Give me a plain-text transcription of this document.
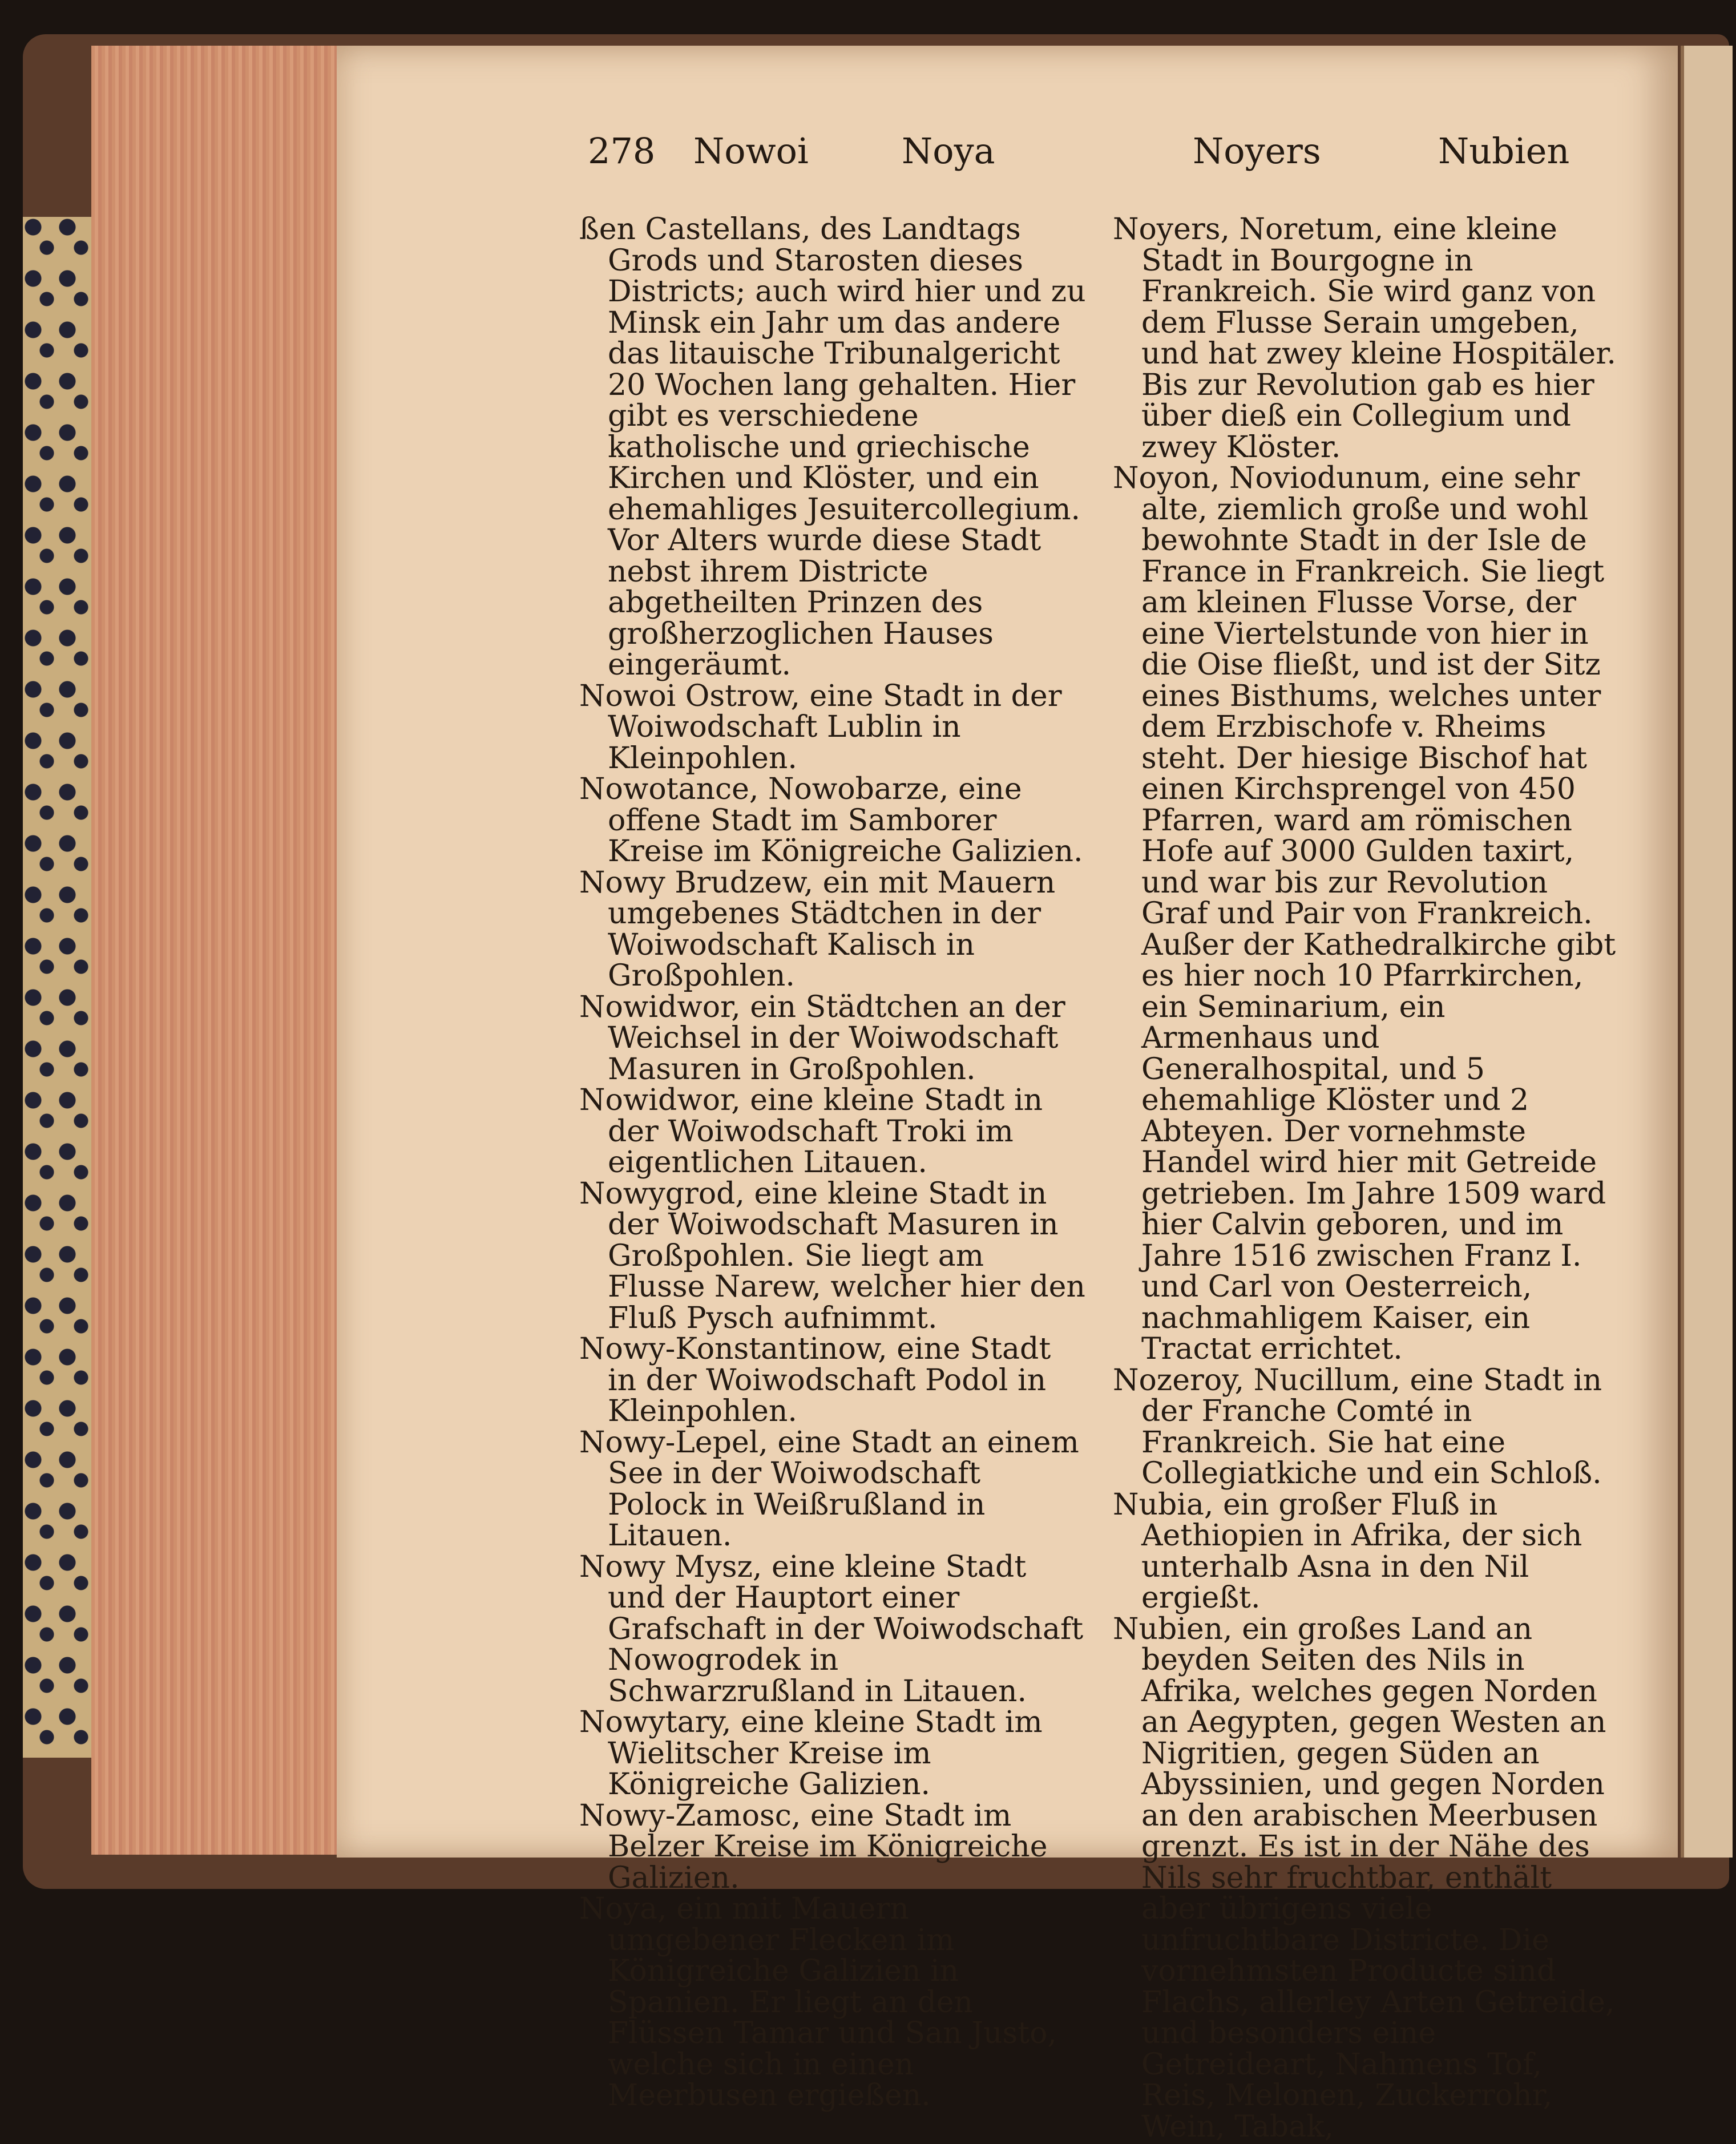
278 Nowoi	Noya	Noyers	Nubien

ßen Castellans, des Landtags Grods und Starosten dieses Districts; auch wird hier und zu Minsk ein Jahr um das andere das litauische Tribunalgericht 20 Wochen lang gehalten. Hier gibt es verschiedene katholische und griechische Kirchen und Klöster, und ein ehemahliges Jesuitercollegium. Vor Alters wurde diese Stadt nebst ihrem Districte abgetheilten Prinzen des großherzoglichen Hauses eingeräumt.

Nowoi Ostrow, eine Stadt in der Woiwodschaft Lublin in Kleinpohlen.

Nowotance, Nowobarze, eine offene Stadt im Samborer Kreise im Königreiche Galizien.

Nowy Brudzew, ein mit Mauern umgebenes Städtchen in der Woiwodschaft Kalisch in Großpohlen.

Nowidwor, ein Städtchen an der Weichsel in der Woiwodschaft Masuren in Großpohlen.

Nowidwor, eine kleine Stadt in der Woiwodschaft Troki im eigentlichen Litauen.

Nowygrod, eine kleine Stadt in der Woiwodschaft Masuren in Großpohlen. Sie liegt am Flusse Narew, welcher hier den Fluß Pysch aufnimmt.

Nowy-Konstantinow, eine Stadt in der Woiwodschaft Podol in Kleinpohlen.

Nowy-Lepel, eine Stadt an einem See in der Woiwodschaft Polock in Weißrußland in Litauen.

Nowy Mysz, eine kleine Stadt und der Hauptort einer Grafschaft in der Woiwodschaft Nowogrodek in Schwarzrußland in Litauen.

Nowytary, eine kleine Stadt im Wielitscher Kreise im Königreiche Galizien.

Nowy-Zamosc, eine Stadt im Belzer Kreise im Königreiche Galizien.

Noya, ein mit Mauern umgebener Flecken im Königreiche Galizien in Spanien. Er liegt an den Flüssen Tamar und San Justo, welche sich in einen Meerbusen ergießen.

Noyers, Noretum, eine kleine Stadt in Bourgogne in Frankreich. Sie wird ganz von dem Flusse Serain umgeben, und hat zwey kleine Hospitäler. Bis zur Revolution gab es hier über dieß ein Collegium und zwey Klöster.

Noyon, Noviodunum, eine sehr alte, ziemlich große und wohl bewohnte Stadt in der Isle de France in Frankreich. Sie liegt am kleinen Flusse Vorse, der eine Viertelstunde von hier in die Oise fließt, und ist der Sitz eines Bisthums, welches unter dem Erzbischofe v. Rheims steht. Der hiesige Bischof hat einen Kirchsprengel von 450 Pfarren, ward am römischen Hofe auf 3000 Gulden taxirt, und war bis zur Revolution Graf und Pair von Frankreich. Außer der Kathedralkirche gibt es hier noch 10 Pfarrkirchen, ein Seminarium, ein Armenhaus und Generalhospital, und 5 ehemahlige Klöster und 2 Abteyen. Der vornehmste Handel wird hier mit Getreide getrieben. Im Jahre 1509 ward hier Calvin geboren, und im Jahre 1516 zwischen Franz I. und Carl von Oesterreich, nachmahligem Kaiser, ein Tractat errichtet.

Nozeroy, Nucillum, eine Stadt in der Franche Comté in Frankreich. Sie hat eine Collegiatkiche und ein Schloß.

Nubia, ein großer Fluß in Aethiopien in Afrika, der sich unterhalb Asna in den Nil ergießt.

Nubien, ein großes Land an beyden Seiten des Nils in Afrika, welches gegen Norden an Aegypten, gegen Westen an Nigritien, gegen Süden an Abyssinien, und gegen Norden an den arabischen Meerbusen grenzt. Es ist in der Nähe des Nils sehr fruchtbar, enthält aber übrigens viele unfruchtbare Districte. Die vornehmsten Producte sind Flachs, allerley Arten Getreide, und besonders eine Getreideart, Nahmens Tof, Reis, Melonen, Zuckerrohr, Wein, Tabak,
